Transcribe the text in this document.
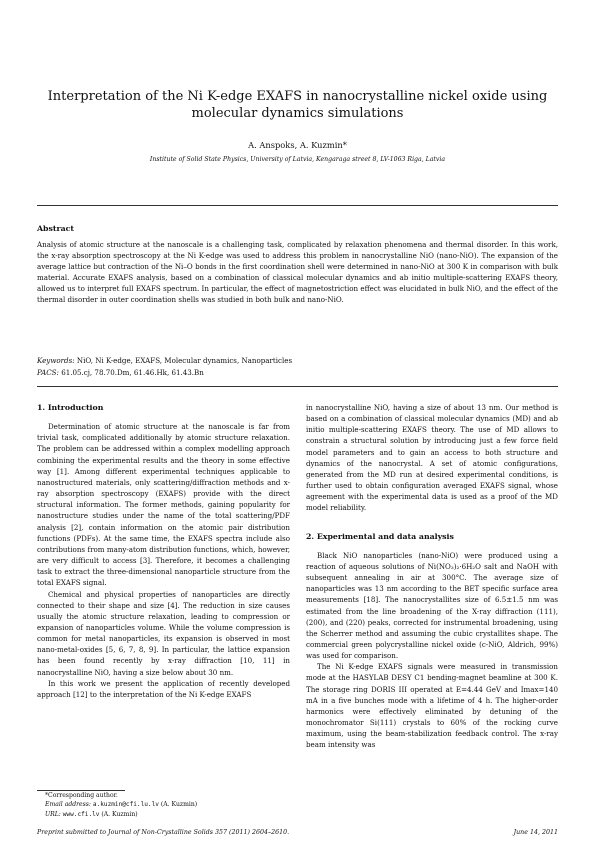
Interpretation of the Ni K-edge EXAFS in nanocrystalline nickel oxide using molecular dynamics simulations
A. Anspoks, A. Kuzmin*
Institute of Solid State Physics, University of Latvia, Kengaraga street 8, LV-1063 Riga, Latvia
Abstract
Analysis of atomic structure at the nanoscale is a challenging task, complicated by relaxation phenomena and thermal disorder. In this work, the x-ray absorption spectroscopy at the Ni K-edge was used to address this problem in nanocrystalline NiO (nano-NiO). The expansion of the average lattice but contraction of the Ni–O bonds in the first coordination shell were determined in nano-NiO at 300 K in comparison with bulk material. Accurate EXAFS analysis, based on a combination of classical molecular dynamics and ab initio multiple-scattering EXAFS theory, allowed us to interpret full EXAFS spectrum. In particular, the effect of magnetostriction effect was elucidated in bulk NiO, and the effect of the thermal disorder in outer coordination shells was studied in both bulk and nano-NiO.
Keywords: NiO, Ni K-edge, EXAFS, Molecular dynamics, Nanoparticles
PACS: 61.05.cj, 78.70.Dm, 61.46.Hk, 61.43.Bn
1. Introduction

Determination of atomic structure at the nanoscale is far from trivial task, complicated additionally by atomic structure relaxation. The problem can be addressed within a complex modelling approach combining the experimental results and the theory in some effective way [1]. Among different experimental techniques applicable to nanostructured materials, only scattering/diffraction methods and x-ray absorption spectroscopy (EXAFS) provide with the direct structural information. The former methods, gaining popularity for nanostructure studies under the name of the total scattering/PDF analysis [2], contain information on the atomic pair distribution functions (PDFs). At the same time, the EXAFS spectra include also contributions from many-atom distribution functions, which, however, are very difficult to access [3]. Therefore, it becomes a challenging task to extract the three-dimensional nanoparticle structure from the total EXAFS signal.

Chemical and physical properties of nanoparticles are directly connected to their shape and size [4]. The reduction in size causes usually the atomic structure relaxation, leading to compression or expansion of nanoparticles volume. While the volume compression is common for metal nanoparticles, its expansion is observed in most nano-metal-oxides [5, 6, 7, 8, 9]. In particular, the lattice expansion has been found recently by x-ray diffraction [10, 11] in nanocrystalline NiO, having a size below about 30 nm.

In this work we present the application of recently developed approach [12] to the interpretation of the Ni K-edge EXAFS

in nanocrystalline NiO, having a size of about 13 nm. Our method is based on a combination of classical molecular dynamics (MD) and ab initio multiple-scattering EXAFS theory. The use of MD allows to constrain a structural solution by introducing just a few force field model parameters and to gain an access to both structure and dynamics of the nanocrystal. A set of atomic configurations, generated from the MD run at desired experimental conditions, is further used to obtain configuration averaged EXAFS signal, whose agreement with the experimental data is used as a proof of the MD model reliability.

2. Experimental and data analysis

Black NiO nanoparticles (nano-NiO) were produced using a reaction of aqueous solutions of Ni(NO₃)₂·6H₂O salt and NaOH with subsequent annealing in air at 300°C. The average size of nanoparticles was 13 nm according to the BET specific surface area measurements [18]. The nanocrystallites size of 6.5±1.5 nm was estimated from the line broadening of the X-ray diffraction (111), (200), and (220) peaks, corrected for instrumental broadening, using the Scherrer method and assuming the cubic crystallites shape. The commercial green polycrystalline nickel oxide (c-NiO, Aldrich, 99%) was used for comparison.

The Ni K-edge EXAFS signals were measured in transmission mode at the HASYLAB DESY C1 bending-magnet beamline at 300 K. The storage ring DORIS III operated at E=4.44 GeV and Imax=140 mA in a five bunches mode with a lifetime of 4 h. The higher-order harmonics were effectively eliminated by detuning of the monochromator Si(111) crystals to 60% of the rocking curve maximum, using the beam-stabilization feedback control. The x-ray beam intensity was

*Corresponding author.
Email address: a.kuzmin@cfi.lu.lv (A. Kuzmin)
URL: www.cfi.lv (A. Kuzmin)
Preprint submitted to Journal of Non-Crystalline Solids 357 (2011) 2604–2610.	June 14, 2011
